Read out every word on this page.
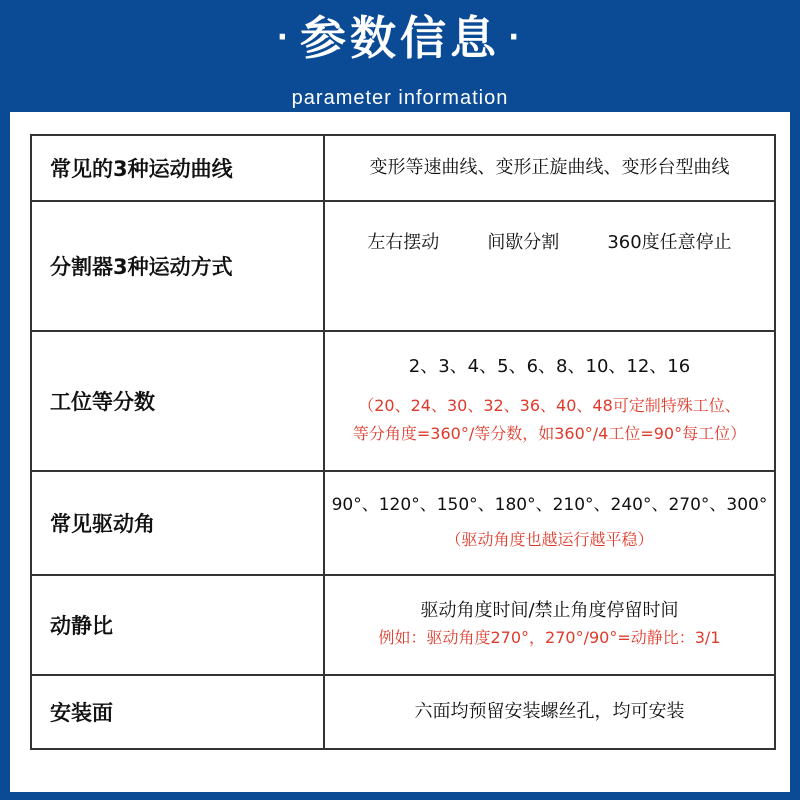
· 参数信息 ·
parameter information
常见的3种运动曲线	变形等速曲线、变形正旋曲线、变形台型曲线

分割器3种运动方式	左右摆动 间歇分割 360度任意停止
工位等分数	2、3、4、5、6、8、10、12、16
（20、24、30、32、36、40、48可定制特殊工位、
等分角度=360°/等分数，如360°/4工位=90°每工位）

常见驱动角	90°、120°、150°、180°、210°、240°、270°、300°
（驱动角度也越运行越平稳）

动静比	驱动角度时间/禁止角度停留时间
例如：驱动角度270°，270°/90°=动静比：3/1

安装面	六面均预留安装螺丝孔，均可安装
